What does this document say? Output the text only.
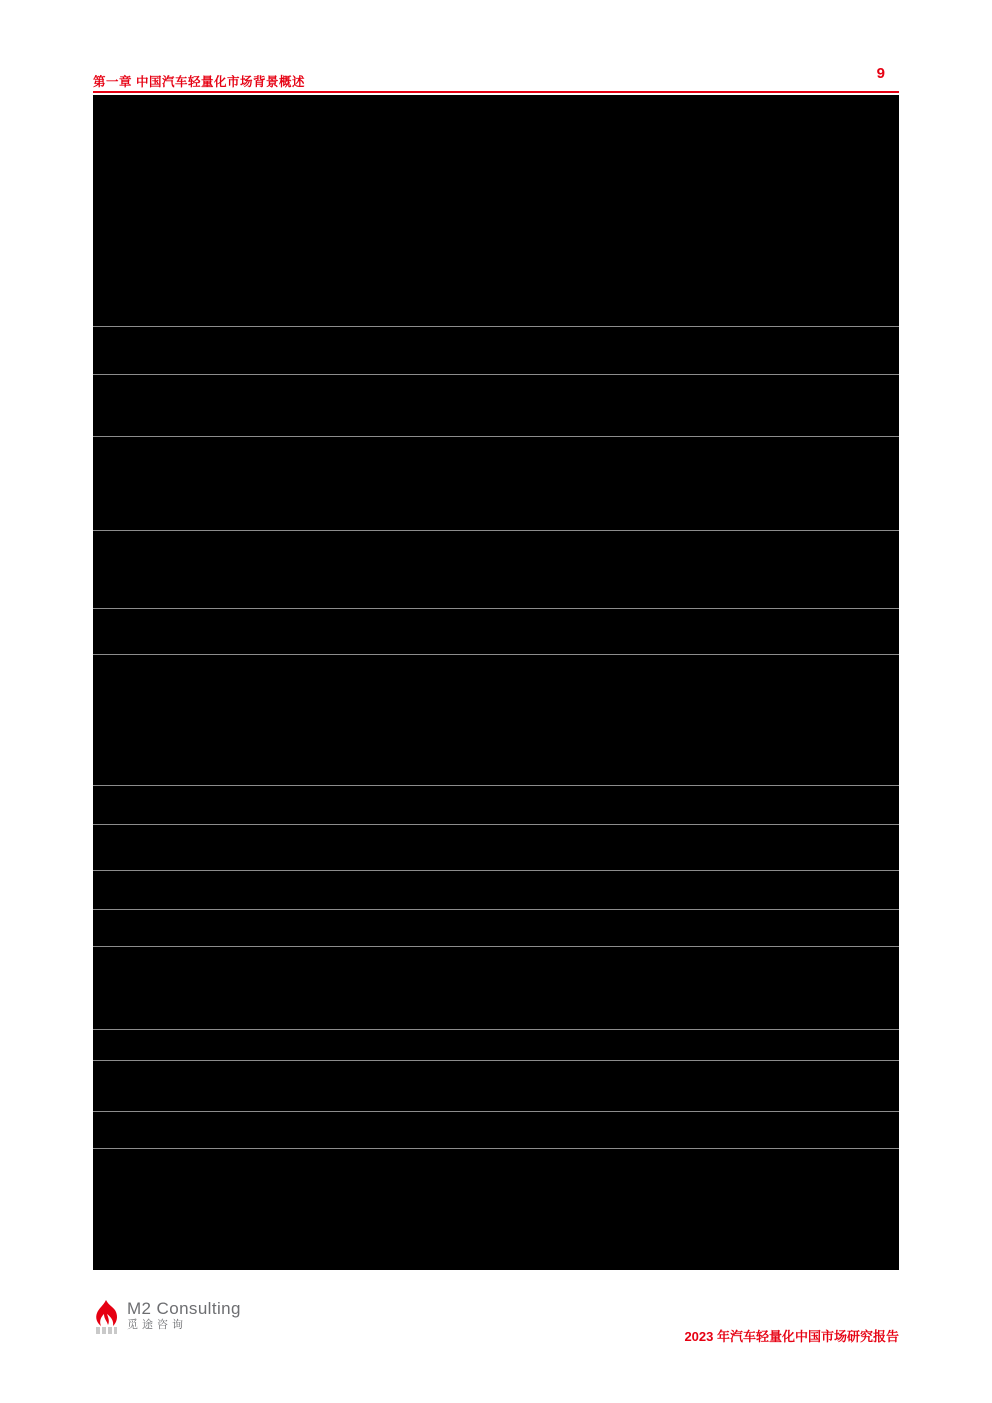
第一章 中国汽车轻量化市场背景概述	9
M2 Consulting
觅途咨询
2023 年汽车轻量化中国市场研究报告
